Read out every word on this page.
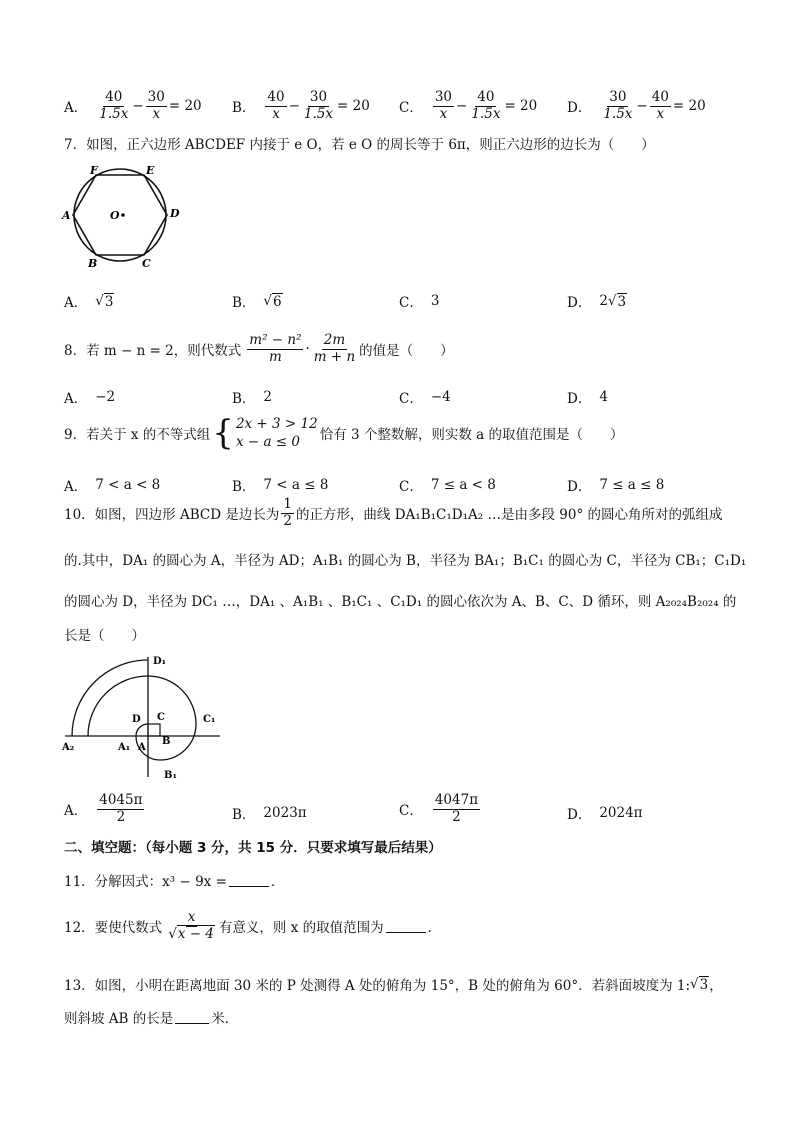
A． $\frac{40}{1.5x} - \frac{30}{x} = 20$ B． $\frac{40}{x} - \frac{30}{1.5x} = 20$ C． $\frac{30}{x} - \frac{40}{1.5x} = 20$ D． $\frac{30}{1.5x} - \frac{40}{x} = 20$
7．如图，正六边形 ABCDEF 内接于 e O，若 e O 的周长等于 6π，则正六边形的边长为（　　）
F	E
D
A
B	C
O
A． √ 3	B． √ 6	C． 3	D． 2 √ 3
8．若 m − n = 2，则代数式 $\frac{\text{m² − n²}}{m} \cdot \frac{2m}{m + n}$ 的值是（　　）
A． −2	B． 2	C． −4	D． 4
9．若关于 x 的不等式组 { 2x + 3 > 12
x − a ≤ 0	恰有 3 个整数解，则实数 a 的取值范围是（　　）
A． 7 < a < 8	B． 7 < a ≤ 8	C． 7 ≤ a < 8	D． 7 ≤ a ≤ 8
10．如图，四边形 ABCD 是边长为 $\frac{1}{2}$ 的正方形，曲线 DA₁B₁C₁D₁A₂ …是由多段 90° 的圆心角所对的弧组成
的.其中，DA₁ 的圆心为 A，半径为 AD；A₁B₁ 的圆心为 B，半径为 BA₁；B₁C₁ 的圆心为 C，半径为 CB₁；C₁D₁
的圆心为 D，半径为 DC₁ …，DA₁ 、A₁B₁ 、B₁C₁ 、C₁D₁ 的圆心依次为 A、B、C、D 循环，则 A₂₀₂₄B₂₀₂₄ 的
长是（　　）
D₁
C₁
B₁
A₁
A₂	A
B
C
D
A． $\frac{4045\pi}{2}$	B． 2023π	C． $\frac{4047\pi}{2}$	D． 2024π
二、填空题：（每小题 3 分，共 15 分．只要求填写最后结果）
11．分解因式：x³ − 9x =	．
12．要使代数式 $\frac{x}{√x - 4}$ 有意义，则 x 的取值范围为	．
13．如图，小明在距离地面 30 米的 P 处测得 A 处的俯角为 15°，B 处的俯角为 60°．若斜面坡度为 1: √ 3 ，
则斜坡 AB 的长是	米．
